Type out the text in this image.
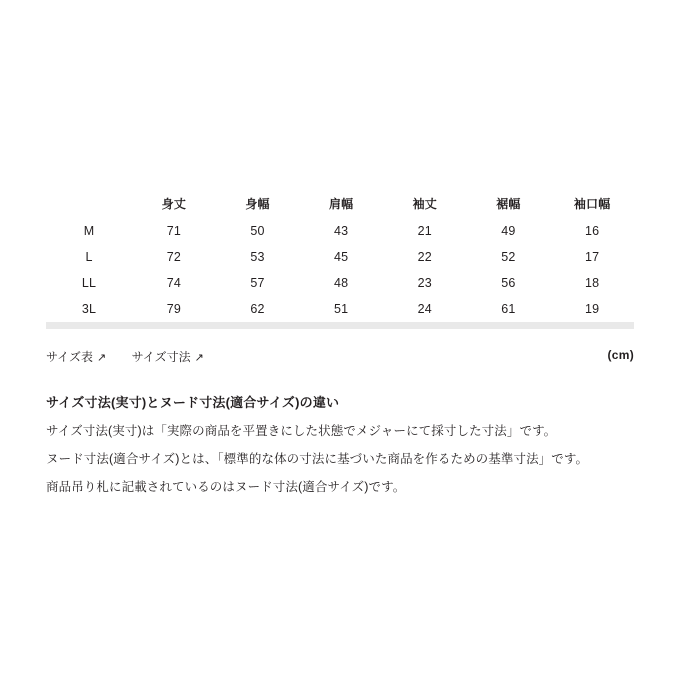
	身丈	身幅	肩幅	袖丈	裾幅	袖口幅
M	71	50	43	21	49	16
L	72	53	45	22	52	17
LL	74	57	48	23	56	18
3L	79	62	51	24	61	19
サイズ表 ↗ サイズ寸法 ↗	(cm)
サイズ寸法(実寸)とヌード寸法(適合サイズ)の違い

サイズ寸法(実寸)は「実際の商品を平置きにした状態でメジャーにて採寸した寸法」です。

ヌード寸法(適合サイズ)とは、「標準的な体の寸法に基づいた商品を作るための基準寸法」です。

商品吊り札に記載されているのはヌード寸法(適合サイズ)です。
